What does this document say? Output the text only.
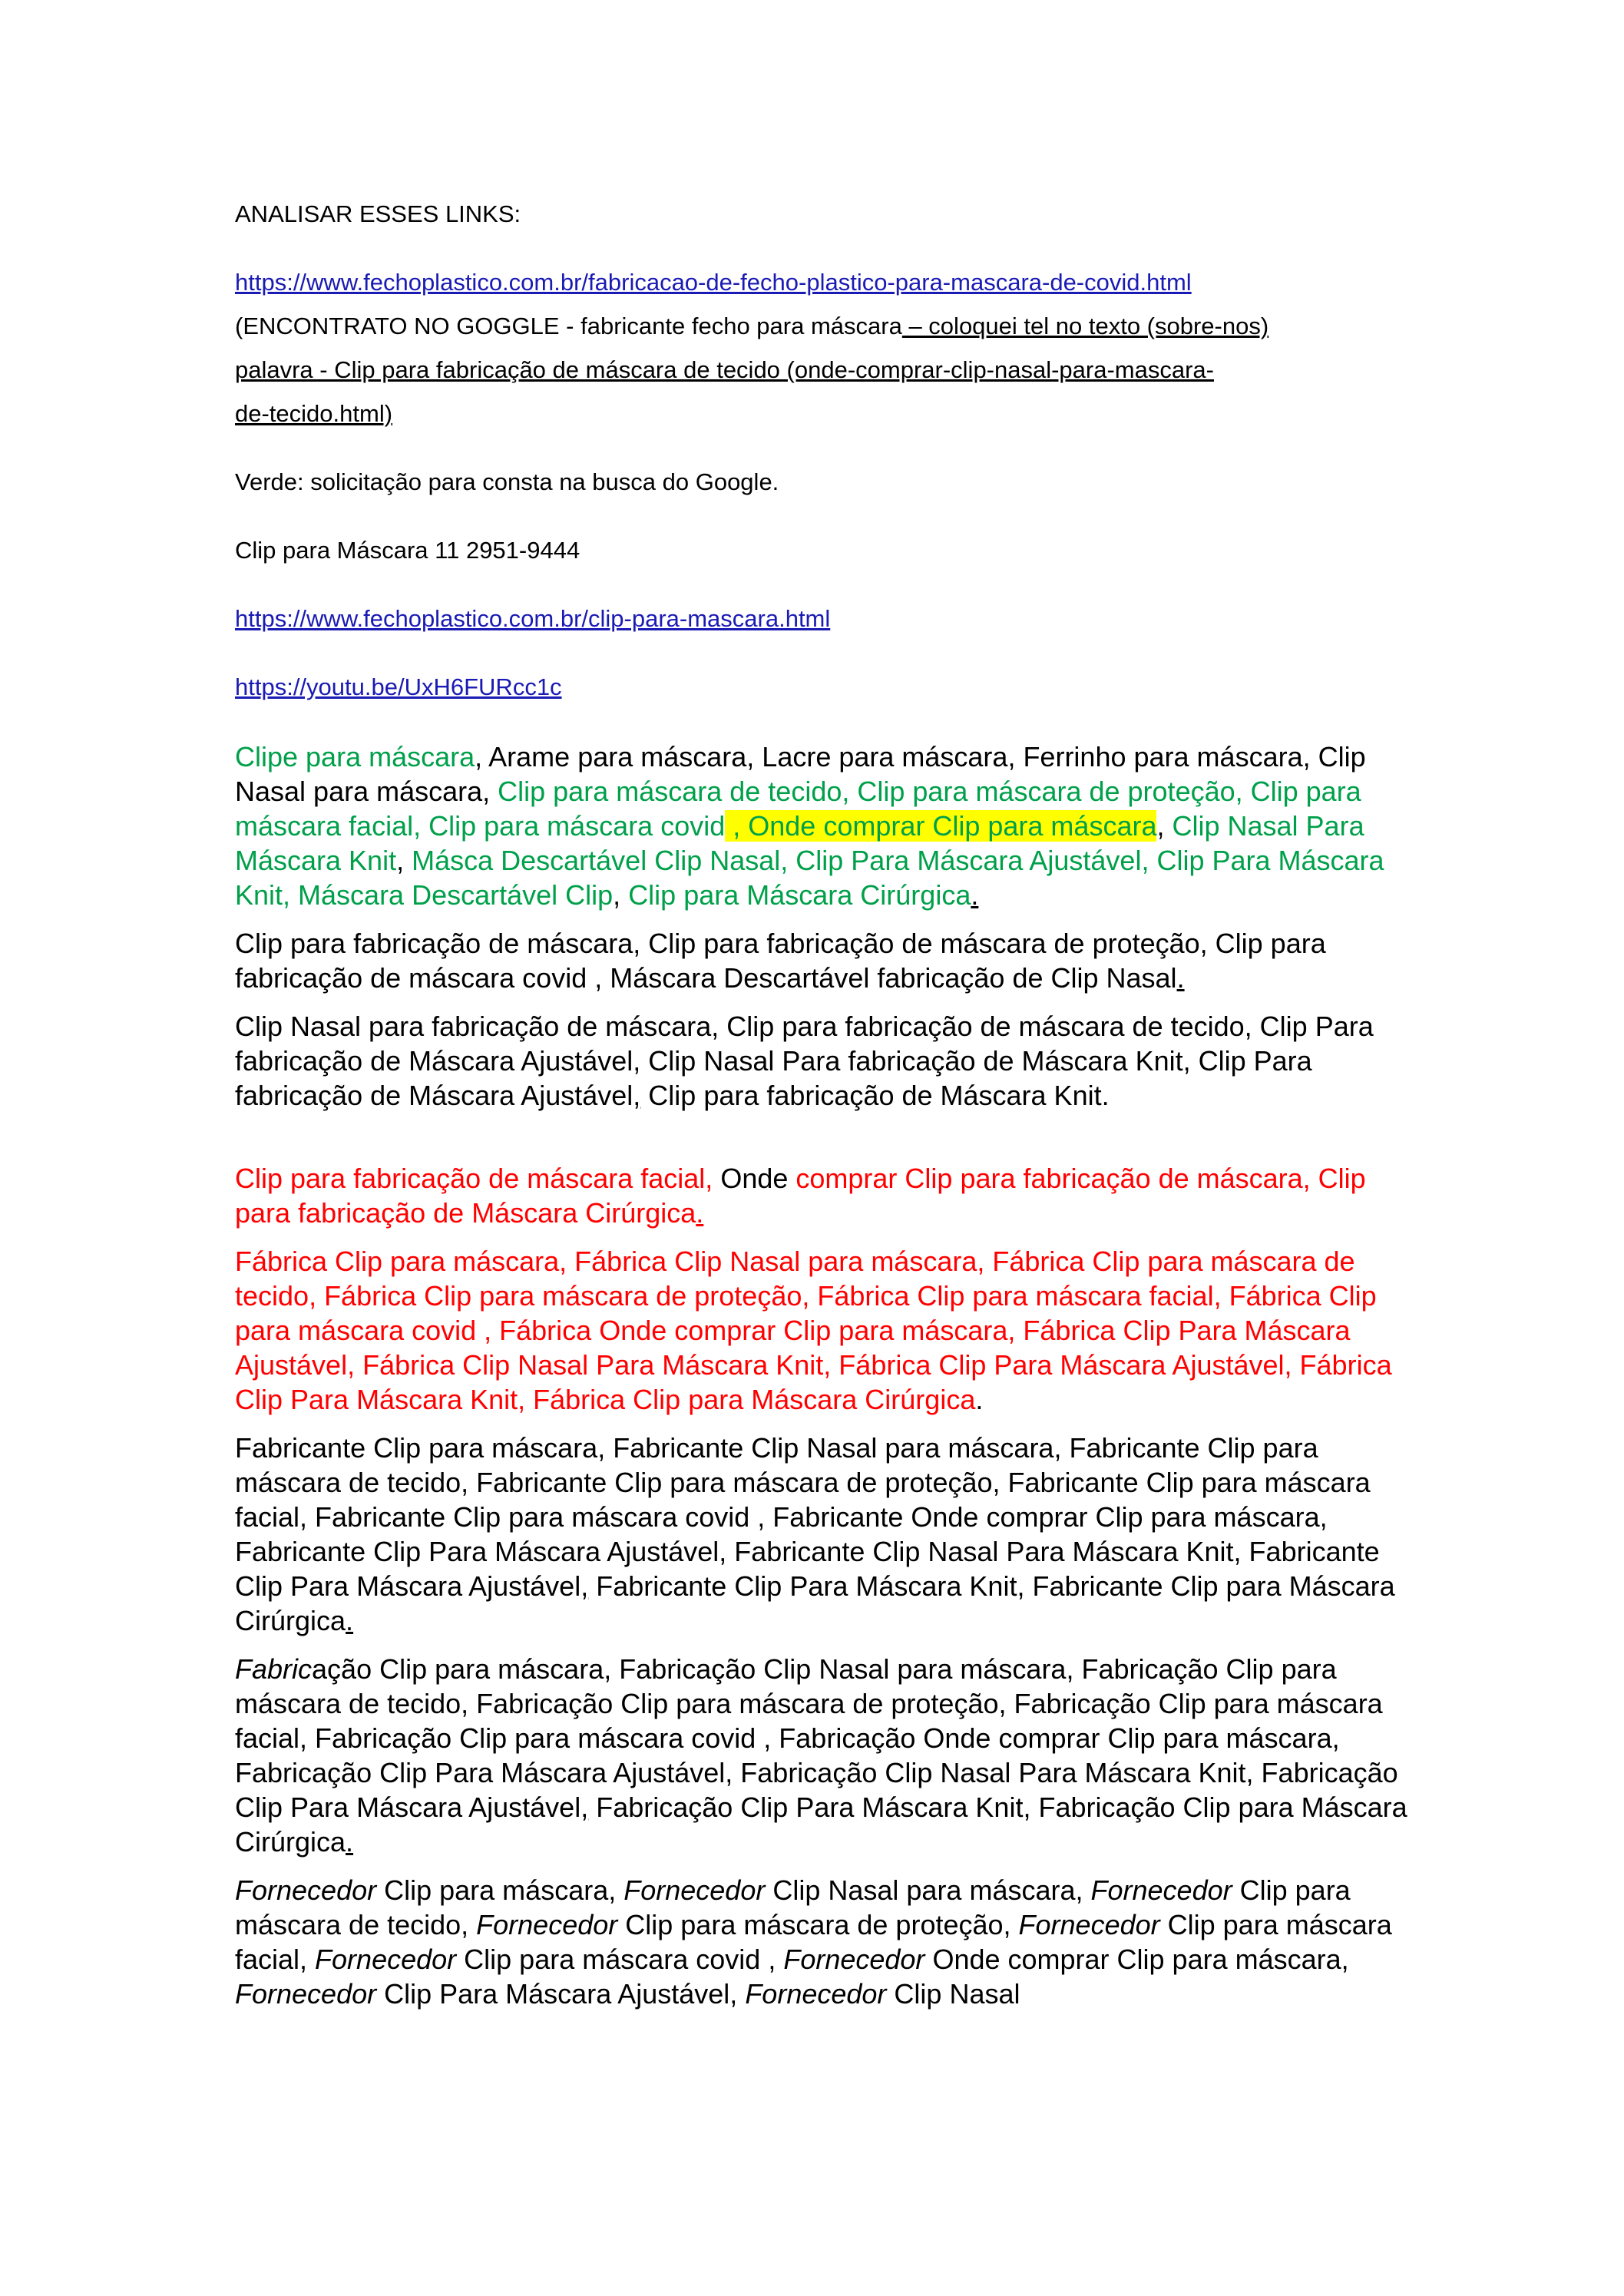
ANALISAR ESSES LINKS:

https://www.fechoplastico.com.br/fabricacao-de-fecho-plastico-para-mascara-de-covid.html
(ENCONTRATO NO GOGGLE - fabricante fecho para máscara – coloquei tel no texto (sobre-nos)
palavra - Clip para fabricação de máscara de tecido (onde-comprar-clip-nasal-para-mascara-
de-tecido.html)

Verde: solicitação para consta na busca do Google.

Clip para Máscara 11 2951-9444

https://www.fechoplastico.com.br/clip-para-mascara.html

https://youtu.be/UxH6FURcc1c

Clipe para máscara, Arame para máscara, Lacre para máscara, Ferrinho para máscara, Clip Nasal para máscara, Clip para máscara de tecido, Clip para máscara de proteção, Clip para máscara facial, Clip para máscara covid , Onde comprar Clip para máscara, Clip Nasal Para Máscara Knit, Másca Descartável Clip Nasal, Clip Para Máscara Ajustável, Clip Para Máscara Knit, Máscara Descartável Clip, Clip para Máscara Cirúrgica.

Clip para fabricação de máscara, Clip para fabricação de máscara de proteção, Clip para fabricação de máscara covid , Máscara Descartável fabricação de Clip Nasal.

Clip Nasal para fabricação de máscara, Clip para fabricação de máscara de tecido, Clip Para fabricação de Máscara Ajustável, Clip Nasal Para fabricação de Máscara Knit, Clip Para fabricação de Máscara Ajustável, Clip para fabricação de Máscara Knit.

Clip para fabricação de máscara facial, Onde comprar Clip para fabricação de máscara, Clip para fabricação de Máscara Cirúrgica.

Fábrica Clip para máscara, Fábrica Clip Nasal para máscara, Fábrica Clip para máscara de tecido, Fábrica Clip para máscara de proteção, Fábrica Clip para máscara facial, Fábrica Clip para máscara covid , Fábrica Onde comprar Clip para máscara, Fábrica Clip Para Máscara Ajustável, Fábrica Clip Nasal Para Máscara Knit, Fábrica Clip Para Máscara Ajustável, Fábrica Clip Para Máscara Knit, Fábrica Clip para Máscara Cirúrgica.

Fabricante Clip para máscara, Fabricante Clip Nasal para máscara, Fabricante Clip para máscara de tecido, Fabricante Clip para máscara de proteção, Fabricante Clip para máscara facial, Fabricante Clip para máscara covid , Fabricante Onde comprar Clip para máscara, Fabricante Clip Para Máscara Ajustável, Fabricante Clip Nasal Para Máscara Knit, Fabricante Clip Para Máscara Ajustável, Fabricante Clip Para Máscara Knit, Fabricante Clip para Máscara Cirúrgica.

Fabricação Clip para máscara, Fabricação Clip Nasal para máscara, Fabricação Clip para máscara de tecido, Fabricação Clip para máscara de proteção, Fabricação Clip para máscara facial, Fabricação Clip para máscara covid , Fabricação Onde comprar Clip para máscara, Fabricação Clip Para Máscara Ajustável, Fabricação Clip Nasal Para Máscara Knit, Fabricação Clip Para Máscara Ajustável, Fabricação Clip Para Máscara Knit, Fabricação Clip para Máscara Cirúrgica.

Fornecedor Clip para máscara, Fornecedor Clip Nasal para máscara, Fornecedor Clip para máscara de tecido, Fornecedor Clip para máscara de proteção, Fornecedor Clip para máscara facial, Fornecedor Clip para máscara covid , Fornecedor Onde comprar Clip para máscara, Fornecedor Clip Para Máscara Ajustável, Fornecedor Clip Nasal
